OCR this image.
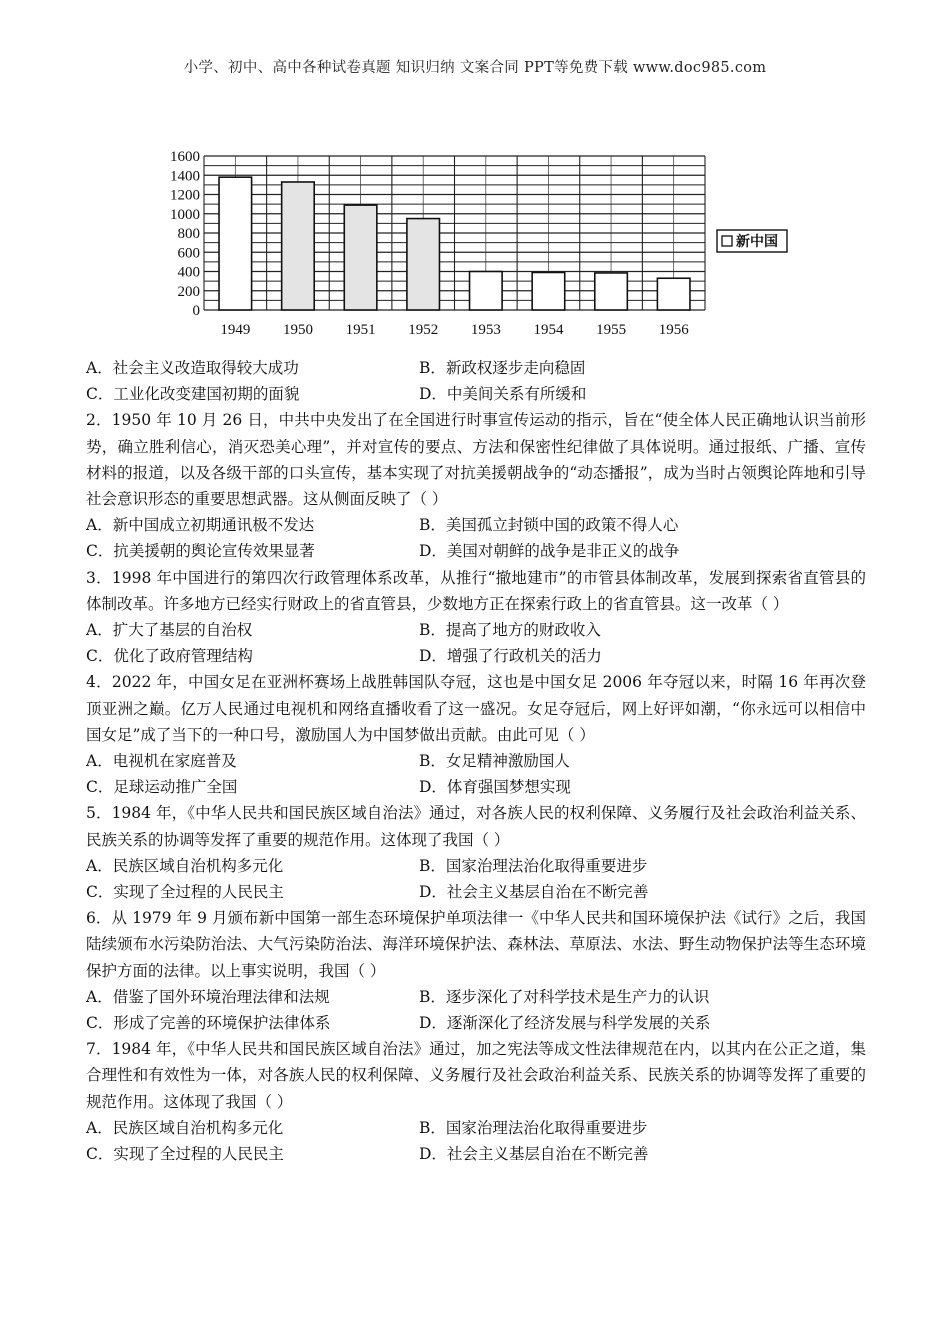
小学、初中、高中各种试卷真题 知识归纳 文案合同 PPT等免费下载 www.doc985.com
1600
1400
1200
1000
800
600
400
200
0
1949 1950 1951 1952 1953 1954 1955 1956
新中国
A．社会主义改造取得较大成功	B．新政权逐步走向稳固
C．工业化改变建国初期的面貌	D．中美间关系有所缓和
2．1950 年 10 月 26 日，中共中央发出了在全国进行时事宣传运动的指示，旨在“使全体人民正确地认识当前形势，确立胜利信心，消灭恐美心理”，并对宣传的要点、方法和保密性纪律做了具体说明。通过报纸、广播、宣传材料的报道，以及各级干部的口头宣传，基本实现了对抗美援朝战争的“动态播报”，成为当时占领舆论阵地和引导社会意识形态的重要思想武器。这从侧面反映了（ ）
A．新中国成立初期通讯极不发达	B．美国孤立封锁中国的政策不得人心
C．抗美援朝的舆论宣传效果显著	D．美国对朝鲜的战争是非正义的战争
3．1998 年中国进行的第四次行政管理体系改革，从推行“撤地建市”的市管县体制改革，发展到探索省直管县的体制改革。许多地方已经实行财政上的省直管县，少数地方正在探索行政上的省直管县。这一改革（ ）
A．扩大了基层的自治权	B．提高了地方的财政收入
C．优化了政府管理结构	D．增强了行政机关的活力
4．2022 年，中国女足在亚洲杯赛场上战胜韩国队夺冠，这也是中国女足 2006 年夺冠以来，时隔 16 年再次登顶亚洲之巅。亿万人民通过电视机和网络直播收看了这一盛况。女足夺冠后，网上好评如潮，“你永远可以相信中国女足”成了当下的一种口号，激励国人为中国梦做出贡献。由此可见（ ）
A．电视机在家庭普及	B．女足精神激励国人
C．足球运动推广全国	D．体育强国梦想实现
5．1984 年，《中华人民共和国民族区域自治法》通过，对各族人民的权利保障、义务履行及社会政治利益关系、民族关系的协调等发挥了重要的规范作用。这体现了我国（ ）
A．民族区域自治机构多元化	B．国家治理法治化取得重要进步
C．实现了全过程的人民民主	D．社会主义基层自治在不断完善
6．从 1979 年 9 月颁布新中国第一部生态环境保护单项法律一《中华人民共和国环境保护法《试行》之后，我国陆续颁布水污染防治法、大气污染防治法、海洋环境保护法、森林法、草原法、水法、野生动物保护法等生态环境保护方面的法律。以上事实说明，我国（ ）
A．借鉴了国外环境治理法律和法规	B．逐步深化了对科学技术是生产力的认识
C．形成了完善的环境保护法律体系	D．逐渐深化了经济发展与科学发展的关系
7．1984 年，《中华人民共和国民族区域自治法》通过，加之宪法等成文性法律规范在内，以其内在公正之道，集合理性和有效性为一体，对各族人民的权利保障、义务履行及社会政治利益关系、民族关系的协调等发挥了重要的规范作用。这体现了我国（ ）
A．民族区域自治机构多元化	B．国家治理法治化取得重要进步
C．实现了全过程的人民民主	D．社会主义基层自治在不断完善
